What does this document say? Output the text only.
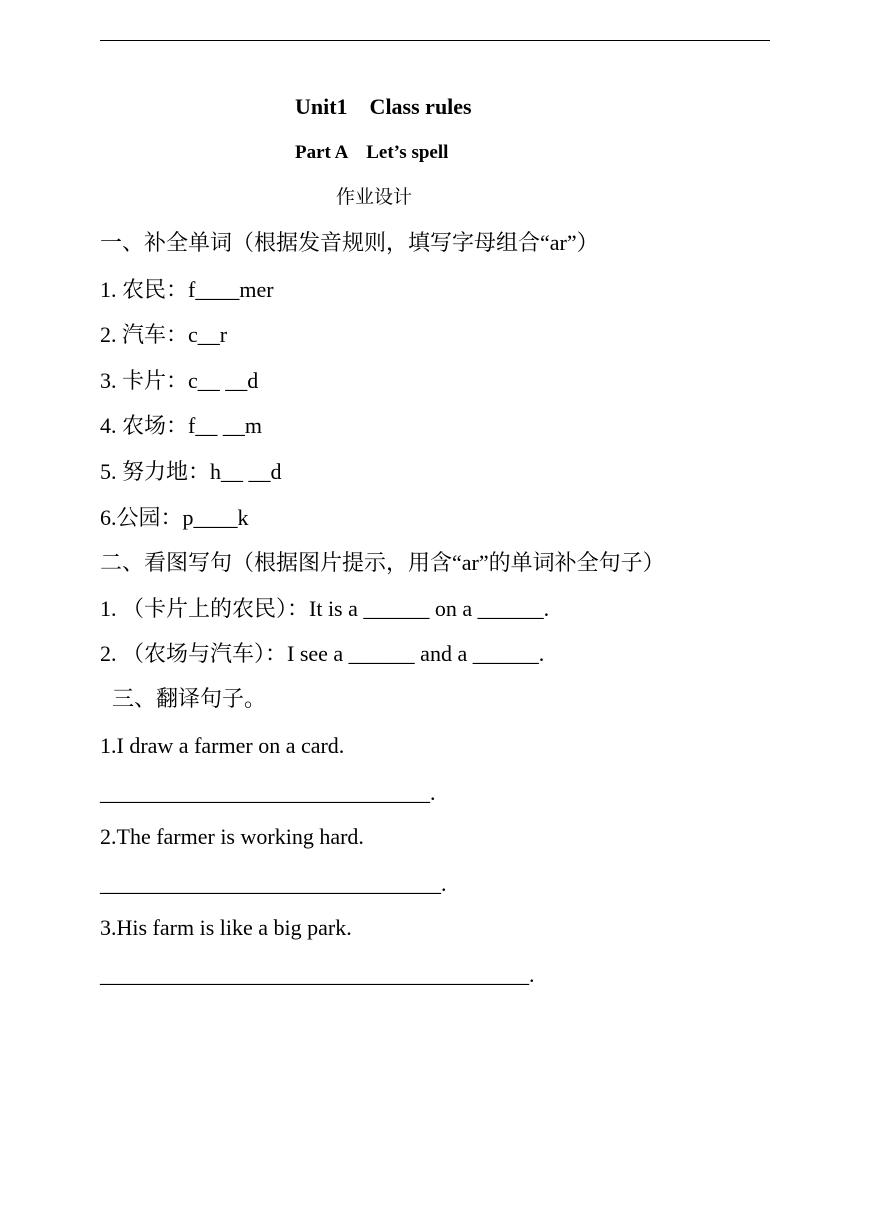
Unit1    Class rules
Part A    Let’s spell
作业设计
一、补全单词（根据发音规则，填写字母组合“ar”）
1. 农民：f____mer
2. 汽车：c__r
3. 卡片：c__ __d
4. 农场：f__ __m
5. 努力地：h__ __d
6.公园：p____k
二、看图写句（根据图片提示，用含“ar”的单词补全句子）
1. （卡片上的农民）：It is a ______ on a ______.
2. （农场与汽车）：I see a ______ and a ______.
三、翻译句子。
1.I draw a farmer on a card.
______________________________.
2.The farmer is working hard.
_______________________________.
3.His farm is like a big park.
_______________________________________.
